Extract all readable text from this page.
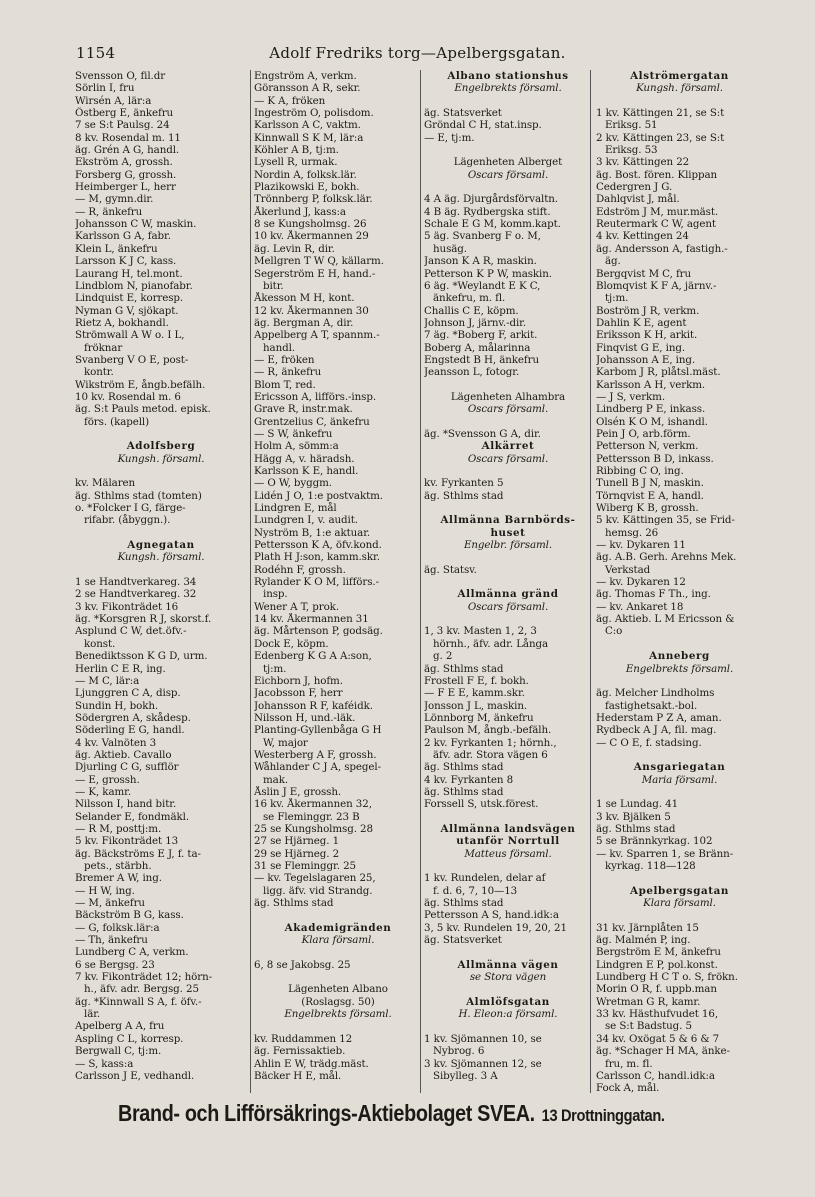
1154	Adolf Fredriks torg—Apelbergsgatan.
Svensson O, fil.dr
Sörlin I, fru
Wirsén A, lär:a
Östberg E, änkefru
7 se S:t Paulsg. 24
8 kv. Rosendal m. 11
äg. Grén A G, handl.
Ekström A, grossh.
Forsberg G, grossh.
Heimberger L, herr
— M, gymn.dir.
— R, änkefru
Johansson C W, maskin.
Karlsson G A, fabr.
Klein L, änkefru
Larsson K J C, kass.
Laurang H, tel.mont.
Lindblom N, pianofabr.
Lindquist E, korresp.
Nyman G V, sjökapt.
Rietz A, bokhandl.
Strömwall A W o. I L,
fröknar
Svanberg V O E, post-
kontr.
Wikström E, ångb.befälh.
10 kv. Rosendal m. 6
äg. S:t Pauls metod. episk.
förs. (kapell)
Adolfsberg
Kungsh. församl.
kv. Mälaren
äg. Sthlms stad (tomten)
o. *Folcker I G, färge-
rifabr. (åbyggn.).
Agnegatan
Kungsh. församl.
1 se Handtverkareg. 34
2 se Handtverkareg. 32
3 kv. Fikonträdet 16
äg. *Korsgren R J, skorst.f.
Asplund C W, det.öfv.-
konst.
Benediktsson K G D, urm.
Herlin C E R, ing.
— M C, lär:a
Ljunggren C A, disp.
Sundin H, bokh.
Södergren A, skådesp.
Söderling E G, handl.
4 kv. Valnöten 3
äg. Aktieb. Cavallo
Djurling C G, sufflör
— E, grossh.
— K, kamr.
Nilsson I, hand bitr.
Selander E, fondmäkl.
— R M, posttj:m.
5 kv. Fikonträdet 13
äg. Bäckströms E J, f. ta-
pets., stärbh.
Bremer A W, ing.
— H W, ing.
— M, änkefru
Bäckström B G, kass.
— G, folksk.lär:a
— Th, änkefru
Lundberg C A, verkm.
6 se Bergsg. 23
7 kv. Fikonträdet 12; hörn-
h., äfv. adr. Bergsg. 25
äg. *Kinnwall S A, f. öfv.-
lär.
Apelberg A A, fru
Aspling C L, korresp.
Bergwall C, tj:m.
— S, kass:a
Carlsson J E, vedhandl.
Engström A, verkm.
Göransson A R, sekr.
— K A, fröken
Ingeström O, polisdom.
Karlsson A C, vaktm.
Kinnwall S K M, lär:a
Köhler A B, tj:m.
Lysell R, urmak.
Nordin A, folksk.lär.
Plazikowski E, bokh.
Trönnberg P, folksk.lär.
Åkerlund J, kass:a
8 se Kungsholmsg. 26
10 kv. Åkermannen 29
äg. Levin R, dir.
Mellgren T W Q, källarm.
Segerström E H, hand.-
bitr.
Åkesson M H, kont.
12 kv. Åkermannen 30
äg. Bergman A, dir.
Appelberg A T, spannm.-
handl.
— E, fröken
— R, änkefru
Blom T, red.
Ericsson A, lifförs.-insp.
Grave R, instr.mak.
Grentzelius C, änkefru
— S W, änkefru
Holm A, sömm:a
Hägg A, v. häradsh.
Karlsson K E, handl.
— O W, byggm.
Lidén J O, 1:e postvaktm.
Lindgren E, mål
Lundgren I, v. audit.
Nyström B, 1:e aktuar.
Pettersson K A, öfv.kond.
Plath H J:son, kamm.skr.
Rodéhn F, grossh.
Rylander K O M, lifförs.-
insp.
Wener A T, prok.
14 kv. Åkermannen 31
äg. Mårtenson P, godsäg.
Dock E, köpm.
Edenberg K G A A:son,
tj:m.
Eichborn J, hofm.
Jacobsson F, herr
Johansson R F, kaféidk.
Nilsson H, und.-läk.
Planting-Gyllenbåga G H
W, major
Westerberg A F, grossh.
Wåhlander C J A, spegel-
mak.
Åslin J E, grossh.
16 kv. Åkermannen 32,
se Fleminggr. 23 B
25 se Kungsholmsg. 28
27 se Hjärneg. 1
29 se Hjärneg. 2
31 se Fleminggr. 25
— kv. Tegelslagaren 25,
ligg. äfv. vid Strandg.
äg. Sthlms stad
Akademigränden
Klara församl.
6, 8 se Jakobsg. 25
Lägenheten Albano
(Roslagsg. 50)
Engelbrekts församl.
kv. Ruddammen 12
äg. Fernissaktieb.
Ahlin E W, trädg.mäst.
Bäcker H E, mål.
Albano stationshus
Engelbrekts församl.
äg. Statsverket
Gröndal C H, stat.insp.
— E, tj:m.
Lägenheten Alberget
Oscars församl.
4 A äg. Djurgårdsförvaltn.
4 B äg. Rydbergska stift.
Schale E G M, komm.kapt.
5 äg. Svanberg F o. M,
husäg.
Janson K A R, maskin.
Petterson K P W, maskin.
6 äg. *Weylandt E K C,
änkefru, m. fl.
Challis C E, köpm.
Johnson J, järnv.-dir.
7 äg. *Boberg F, arkit.
Boberg A, målarinna
Engstedt B H, änkefru
Jeansson L, fotogr.
Lägenheten Alhambra
Oscars församl.
äg. *Svensson G A, dir.
Alkärret
Oscars församl.
kv. Fyrkanten 5
äg. Sthlms stad
Allmänna Barnbörds-
huset
Engelbr. församl.
äg. Statsv.
Allmänna gränd
Oscars församl.
1, 3 kv. Masten 1, 2, 3
hörnh., äfv. adr. Långa
g. 2
äg. Sthlms stad
Frostell F E, f. bokh.
— F E E, kamm.skr.
Jonsson J L, maskin.
Lönnborg M, änkefru
Paulson M, ångb.-befälh.
2 kv. Fyrkanten 1; hörnh.,
äfv. adr. Stora vägen 6
äg. Sthlms stad
4 kv. Fyrkanten 8
äg. Sthlms stad
Forssell S, utsk.förest.
Allmänna landsvägen
utanför Norrtull
Matteus församl.
1 kv. Rundelen, delar af
f. d. 6, 7, 10—13
äg. Sthlms stad
Pettersson A S, hand.idk:a
3, 5 kv. Rundelen 19, 20, 21
äg. Statsverket
Allmänna vägen
se Stora vägen
Almlöfsgatan
H. Eleon:a församl.
1 kv. Sjömannen 10, se
Nybrog. 6
3 kv. Sjömannen 12, se
Sibylleg. 3 A
Alströmergatan
Kungsh. församl.
1 kv. Kättingen 21, se S:t
Eriksg. 51
2 kv. Kättingen 23, se S:t
Eriksg. 53
3 kv. Kättingen 22
äg. Bost. fören. Klippan
Cedergren J G.
Dahlqvist J, mål.
Edström J M, mur.mäst.
Reutermark C W, agent
4 kv. Kettingen 24
äg. Andersson A, fastigh.-
äg.
Bergqvist M C, fru
Blomqvist K F A, järnv.-
tj:m.
Boström J R, verkm.
Dahlin K E, agent
Eriksson K H, arkit.
Finqvist G E, ing.
Johansson A E, ing.
Karbom J R, plåtsl.mäst.
Karlsson A H, verkm.
— J S, verkm.
Lindberg P E, inkass.
Olsén K O M, ishandl.
Pein J O, arb.förm.
Petterson N, verkm.
Pettersson B D, inkass.
Ribbing C O, ing.
Tunell B J N, maskin.
Törnqvist E A, handl.
Wiberg K B, grossh.
5 kv. Kättingen 35, se Frid-
hemsg. 26
— kv. Dykaren 11
äg. A.B. Gerh. Arehns Mek.
Verkstad
— kv. Dykaren 12
äg. Thomas F Th., ing.
— kv. Ankaret 18
äg. Aktieb. L M Ericsson &
C:o
Anneberg
Engelbrekts församl.
äg. Melcher Lindholms
fastighetsakt.-bol.
Hederstam P Z A, aman.
Rydbeck A J A, fil. mag.
— C O E, f. stadsing.
Ansgariegatan
Maria församl.
1 se Lundag. 41
3 kv. Bjälken 5
äg. Sthlms stad
5 se Brännkyrkag. 102
— kv. Sparren 1, se Bränn-
kyrkag. 118—128
Apelbergsgatan
Klara församl.
31 kv. Järnplåten 15
äg. Malmén P, ing.
Bergström E M, änkefru
Lindgren E P, pol.konst.
Lundberg H C T o. S, frökn.
Morin O R, f. uppb.man
Wretman G R, kamr.
33 kv. Hästhufvudet 16,
se S:t Badstug. 5
34 kv. Oxögat 5 & 6 & 7
äg. *Schager H MA, änke-
fru, m. fl.
Carlsson C, handl.idk:a
Fock A, mål.
Brand- och Lifförsäkrings-Aktiebolaget SVEA. 13 Drottninggatan.
